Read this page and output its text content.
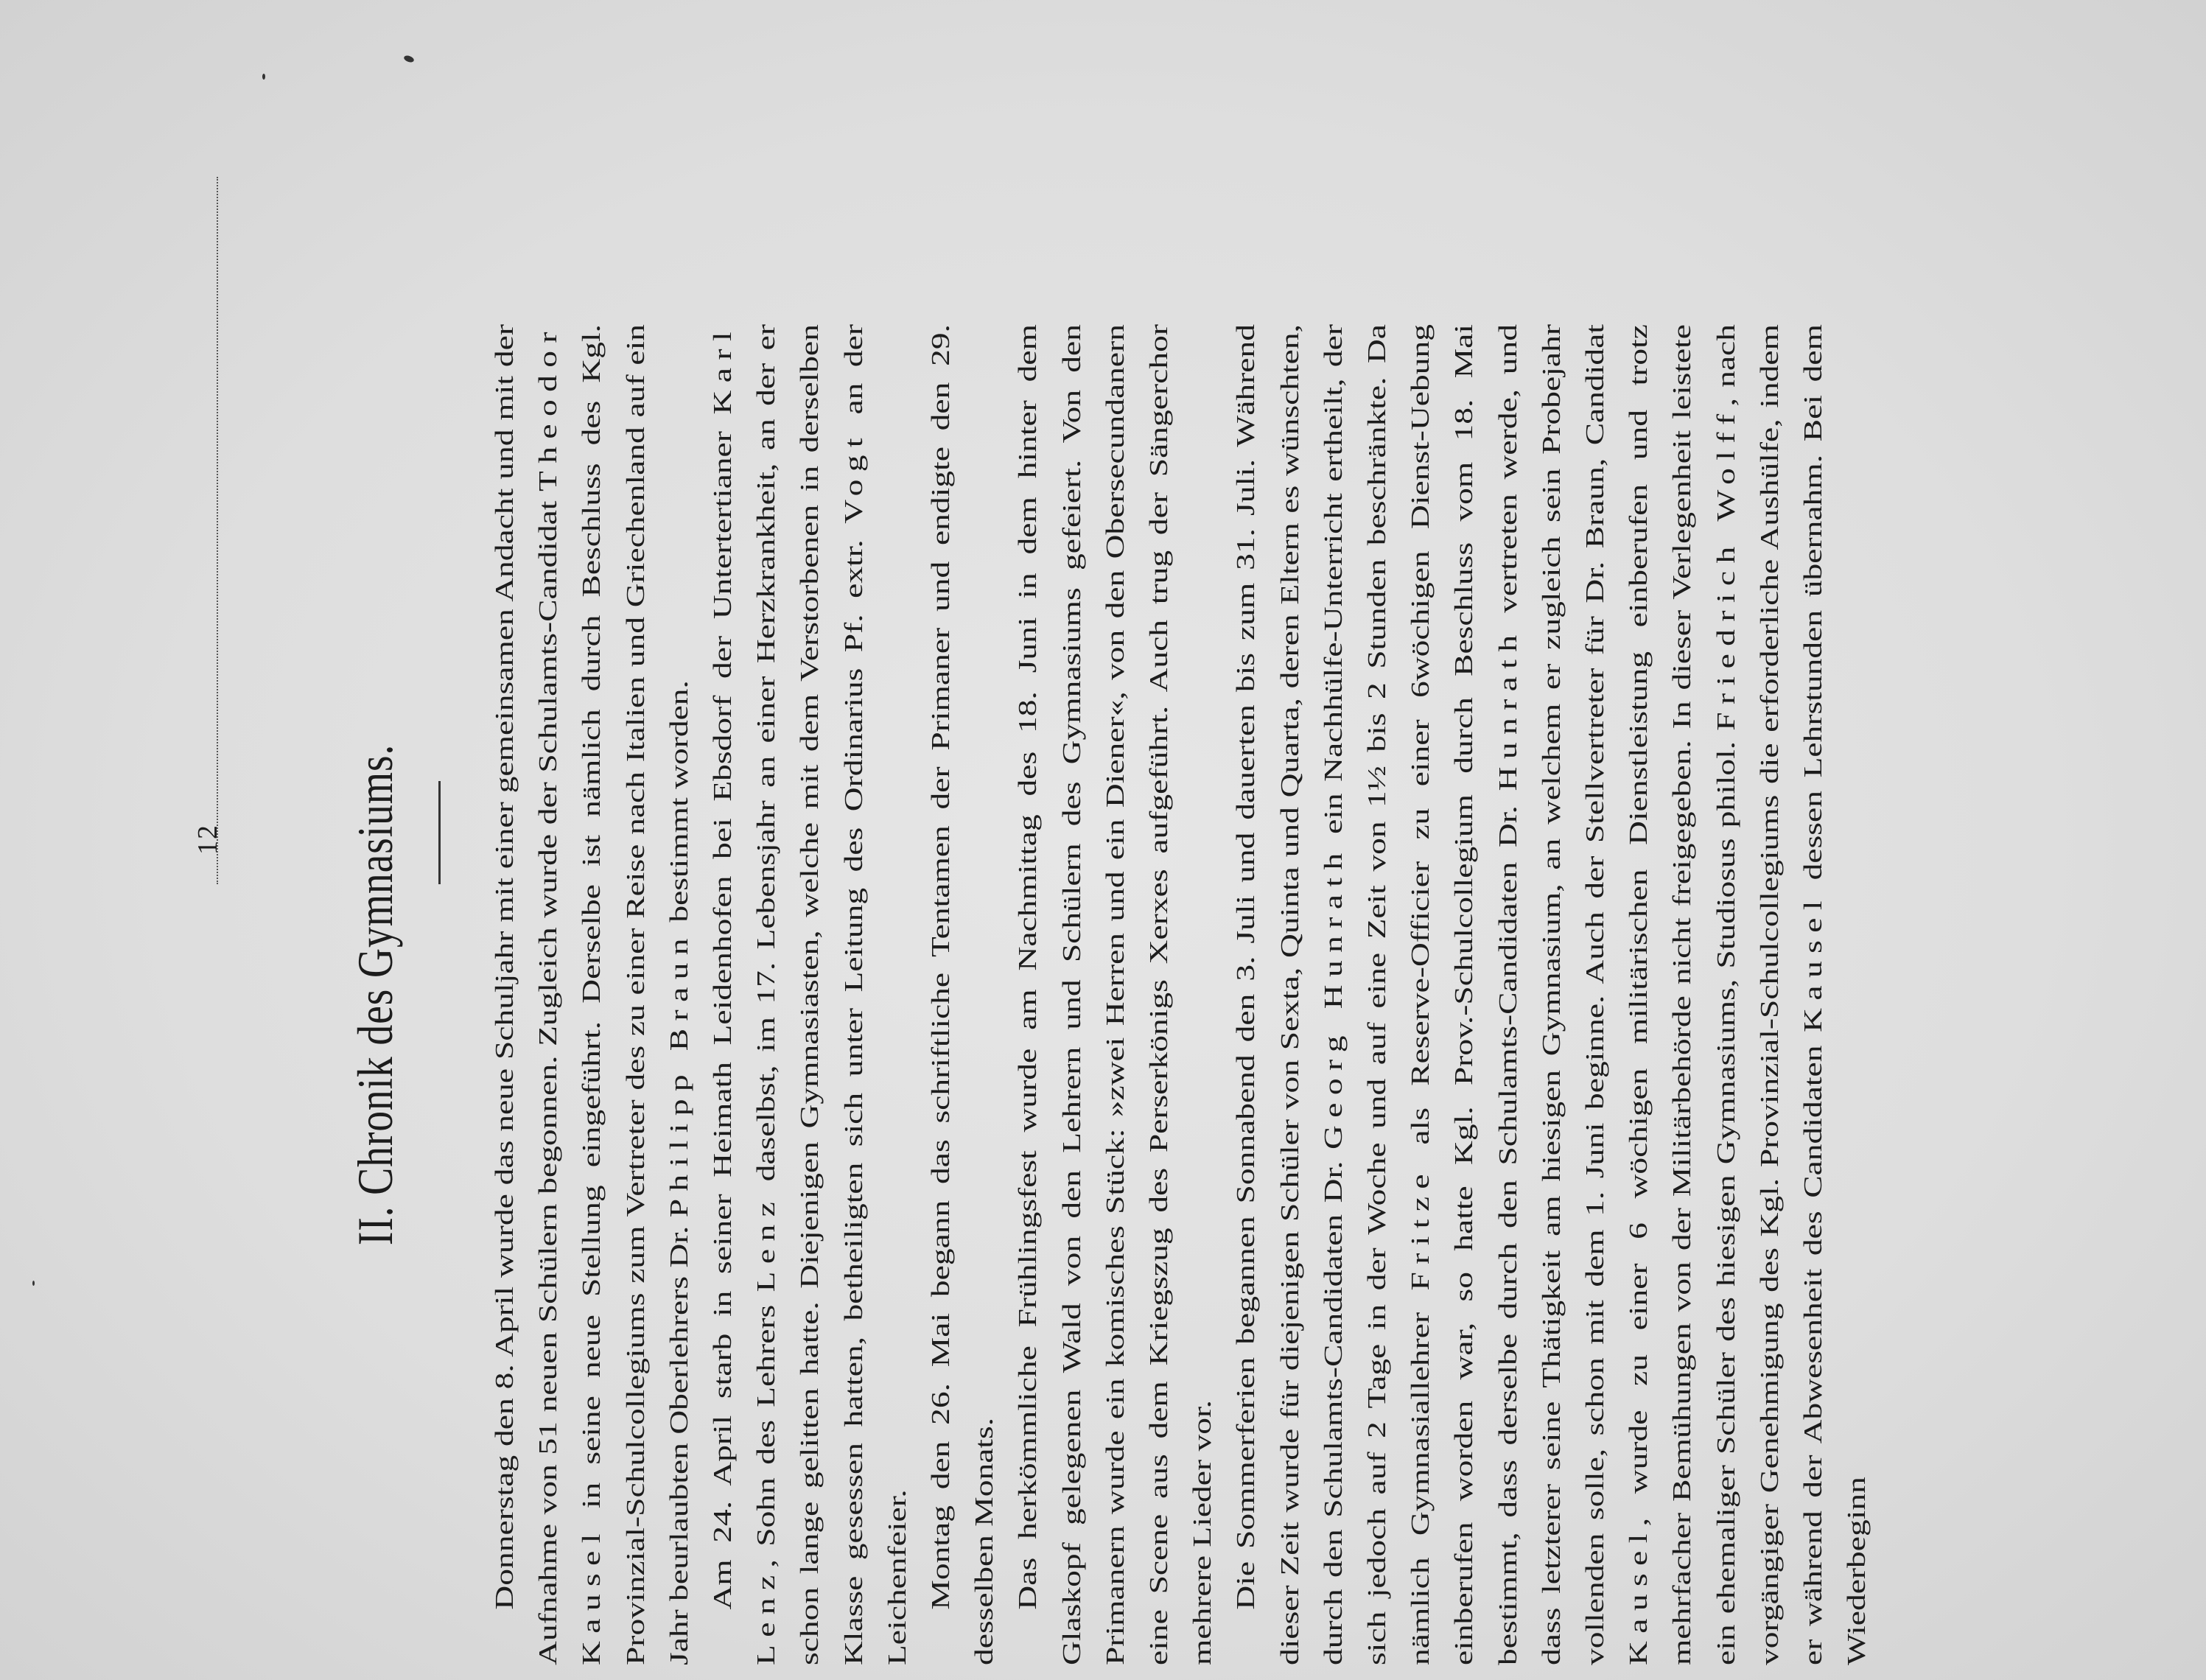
12 II. Chronik des Gymnasiums.	Donnerstag den 8. April wurde das neue Schuljahr mit einer gemeinsamen Andacht und mit der Aufnahme von 51 neuen Schülern begonnen. Zugleich wurde der Schulamts-Candidat Theodor Kausel in seine neue Stellung eingeführt. Derselbe ist nämlich durch Beschluss des Kgl. Provinzial-Schulcollegiums zum Vertreter des zu einer Reise nach Italien und Griechenland auf ein Jahr beurlaubten Oberlehrers Dr. Philipp Braun bestimmt worden. Am 24. April starb in seiner Heimath Leidenhofen bei Ebsdorf der Untertertianer Karl Lenz, Sohn des Lehrers Lenz daselbst, im 17. Lebensjahr an einer Herzkrankheit, an der er schon lange gelitten hatte. Diejenigen Gymnasiasten, welche mit dem Verstorbenen in derselben Klasse gesessen hatten, betheiligten sich unter Leitung des Ordinarius Pf. extr. Vogt an der Leichenfeier. Montag den 26. Mai begann das schriftliche Tentamen der Primaner und endigte den 29. desselben Monats. Das herkömmliche Frühlingsfest wurde am Nachmittag des 18. Juni in dem hinter dem Glaskopf gelegenen Wald von den Lehrern und Schülern des Gymnasiums gefeiert. Von den Primanern wurde ein komisches Stück: »zwei Herren und ein Diener«, von den Obersecundanern eine Scene aus dem Kriegszug des Perserkönigs Xerxes aufgeführt. Auch trug der Sängerchor mehrere Lieder vor. Die Sommerferien begannen Sonnabend den 3. Juli und dauerten bis zum 31. Juli. Während dieser Zeit wurde für diejenigen Schüler von Sexta, Quinta und Quarta, deren Eltern es wünschten, durch den Schulamts-Candidaten Dr. Georg Hunrath ein Nachhülfe-Unterricht ertheilt, der sich jedoch auf 2 Tage in der Woche und auf eine Zeit von 1½ bis 2 Stunden beschränkte. Da nämlich Gymnasiallehrer Fritze als Reserve-Officier zu einer 6wöchigen Dienst-Uebung einberufen worden war, so hatte Kgl. Prov.-Schulcollegium durch Beschluss vom 18. Mai bestimmt, dass derselbe durch den Schulamts-Candidaten Dr. Hunrath vertreten werde, und dass letzterer seine Thätigkeit am hiesigen Gymnasium, an welchem er zugleich sein Probejahr vollenden solle, schon mit dem 1. Juni beginne. Auch der Stellvertreter für Dr. Braun, Candidat Kausel, wurde zu einer 6 wöchigen militärischen Dienstleistung einberufen und trotz mehrfacher Bemühungen von der Militärbehörde nicht freigegeben. In dieser Verlegenheit leistete ein ehemaliger Schüler des hiesigen Gymnasiums, Studiosus philol. Friedrich Wolff, nach vorgängiger Genehmigung des Kgl. Provinzial-Schulcollegiums die erforderliche Aushülfe, indem er während der Abwesenheit des Candidaten Kausel dessen Lehrstunden übernahm. Bei dem Wiederbeginn
